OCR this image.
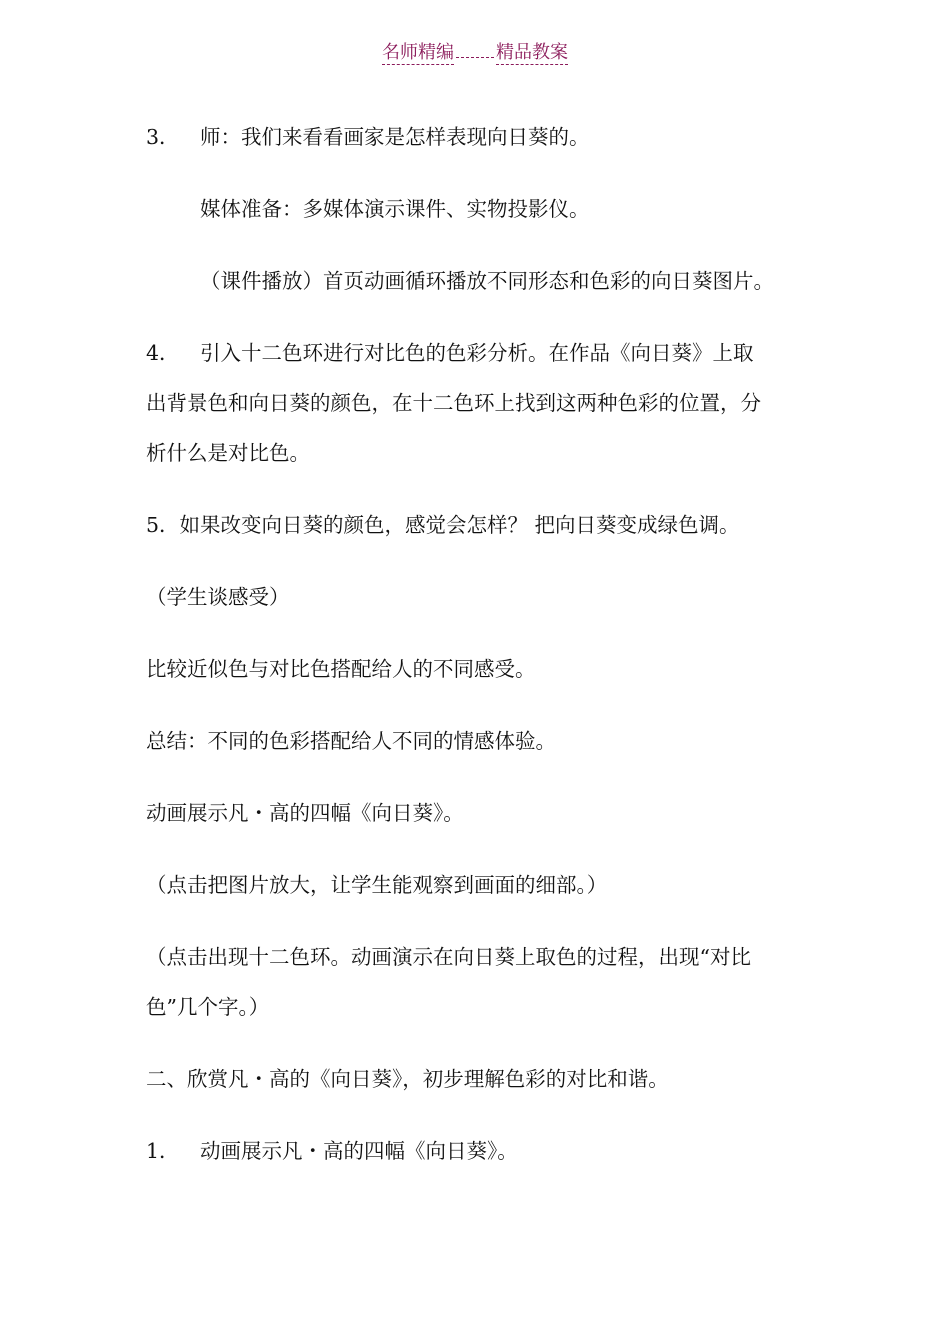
名师精编 精品教案
3． 师：我们来看看画家是怎样表现向日葵的。
媒体准备：多媒体演示课件、实物投影仪。
（课件播放）首页动画循环播放不同形态和色彩的向日葵图片。
4． 引入十二色环进行对比色的色彩分析。在作品《向日葵》上取
出背景色和向日葵的颜色，在十二色环上找到这两种色彩的位置，分
析什么是对比色。
5．如果改变向日葵的颜色，感觉会怎样？ 把向日葵变成绿色调。
（学生谈感受）
比较近似色与对比色搭配给人的不同感受。
总结：不同的色彩搭配给人不同的情感体验。
动画展示凡・高的四幅《向日葵》。
（点击把图片放大，让学生能观察到画面的细部。）
（点击出现十二色环。动画演示在向日葵上取色的过程，出现“对比
色”几个字。）
二、欣赏凡・高的《向日葵》，初步理解色彩的对比和谐。
1． 动画展示凡・高的四幅《向日葵》。
